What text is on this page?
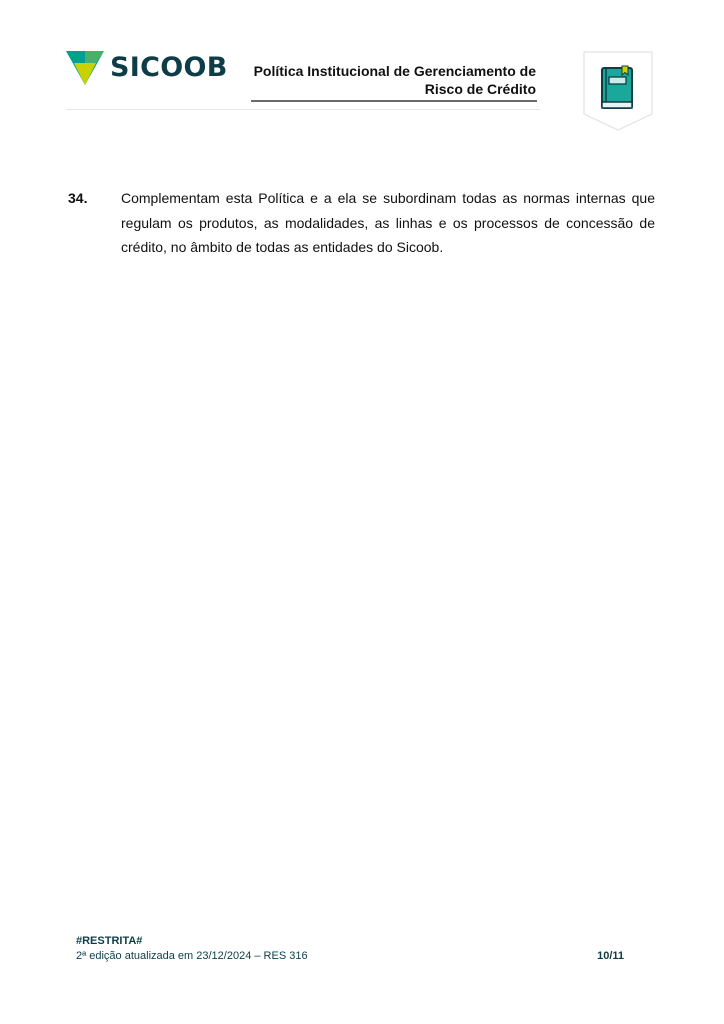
SICOOB	Política Institucional de Gerenciamento de
Risco de Crédito
34. Complementam esta Política e a ela se subordinam todas as normas internas que regulam os produtos, as modalidades, as linhas e os processos de concessão de crédito, no âmbito de todas as entidades do Sicoob.

#RESTRITA#
2ª edição atualizada em 23/12/2024 – RES 316	10/11
